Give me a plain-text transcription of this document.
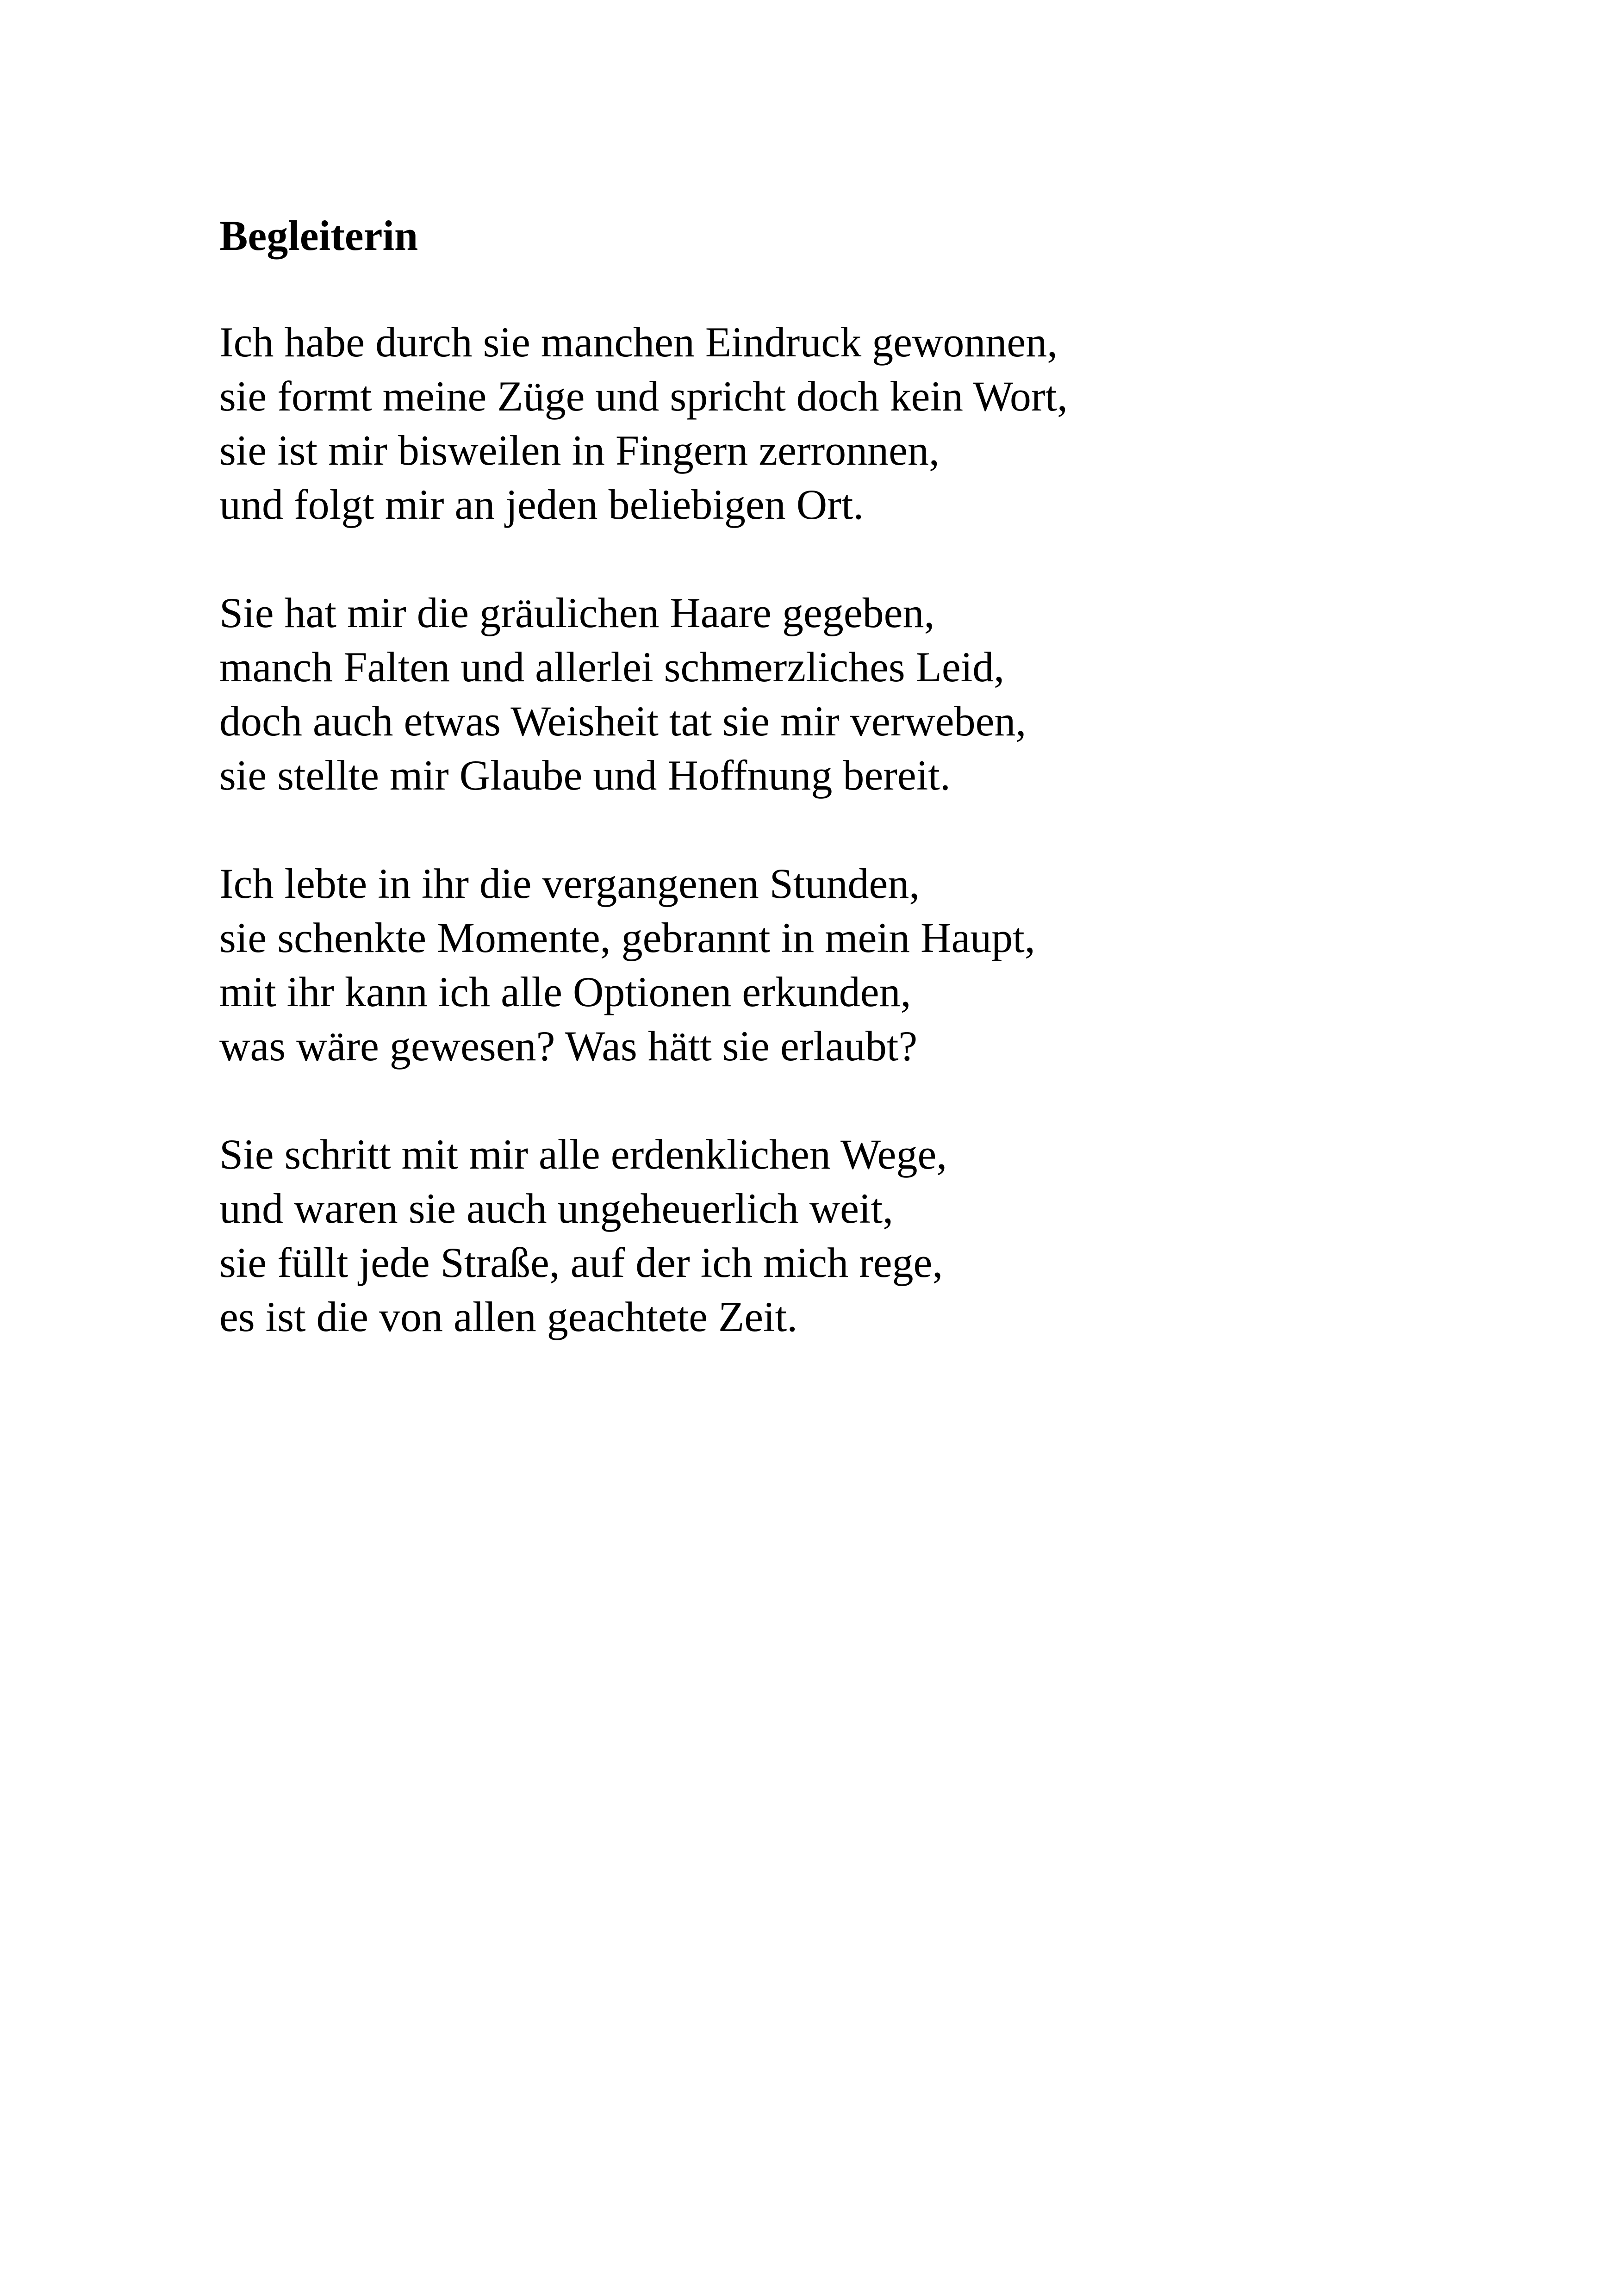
Begleiterin

Ich habe durch sie manchen Eindruck gewonnen,
sie formt meine Züge und spricht doch kein Wort,
sie ist mir bisweilen in Fingern zerronnen,
und folgt mir an jeden beliebigen Ort.

Sie hat mir die gräulichen Haare gegeben,
manch Falten und allerlei schmerzliches Leid,
doch auch etwas Weisheit tat sie mir verweben,
sie stellte mir Glaube und Hoffnung bereit.

Ich lebte in ihr die vergangenen Stunden,
sie schenkte Momente, gebrannt in mein Haupt,
mit ihr kann ich alle Optionen erkunden,
was wäre gewesen? Was hätt sie erlaubt?

Sie schritt mit mir alle erdenklichen Wege,
und waren sie auch ungeheuerlich weit,
sie füllt jede Straße, auf der ich mich rege,
es ist die von allen geachtete Zeit.
